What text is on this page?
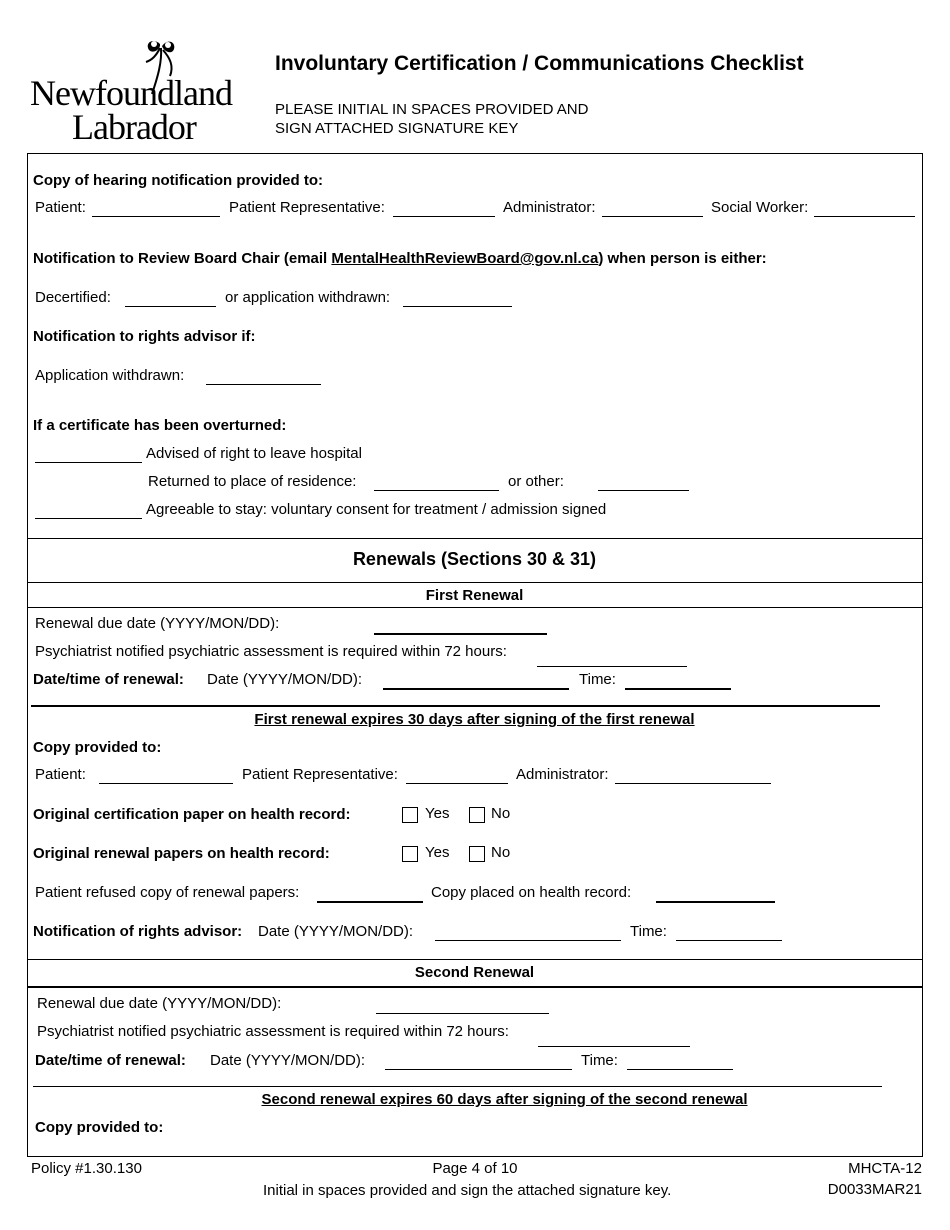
Newfoundland
Labrador
Involuntary Certification / Communications Checklist
PLEASE INITIAL IN SPACES PROVIDED AND
SIGN ATTACHED SIGNATURE KEY
Copy of hearing notification provided to:
Patient:	Patient Representative:	Administrator:	Social Worker:
Notification to Review Board Chair (email MentalHealthReviewBoard@gov.nl.ca) when person is either:
Decertified:	or application withdrawn:
Notification to rights advisor if:
Application withdrawn:
If a certificate has been overturned:
Advised of right to leave hospital
Returned to place of residence:	or other:
Agreeable to stay: voluntary consent for treatment / admission signed
Renewals (Sections 30 & 31)
First Renewal
Renewal due date (YYYY/MON/DD):
Psychiatrist notified psychiatric assessment is required within 72 hours:
Date/time of renewal: Date (YYYY/MON/DD):	Time:
First renewal expires 30 days after signing of the first renewal
Copy provided to:
Patient:	Patient Representative:	Administrator:
Original certification paper on health record:	Yes	No
Original renewal papers on health record:	Yes	No
Patient refused copy of renewal papers:	Copy placed on health record:
Notification of rights advisor: Date (YYYY/MON/DD):	Time:
Second Renewal
Renewal due date (YYYY/MON/DD):
Psychiatrist notified psychiatric assessment is required within 72 hours:
Date/time of renewal: Date (YYYY/MON/DD):	Time:
Second renewal expires 60 days after signing of the second renewal
Copy provided to:
Policy #1.30.130	Page 4 of 10	MHCTA-12
Initial in spaces provided and sign the attached signature key.	D0033MAR21
